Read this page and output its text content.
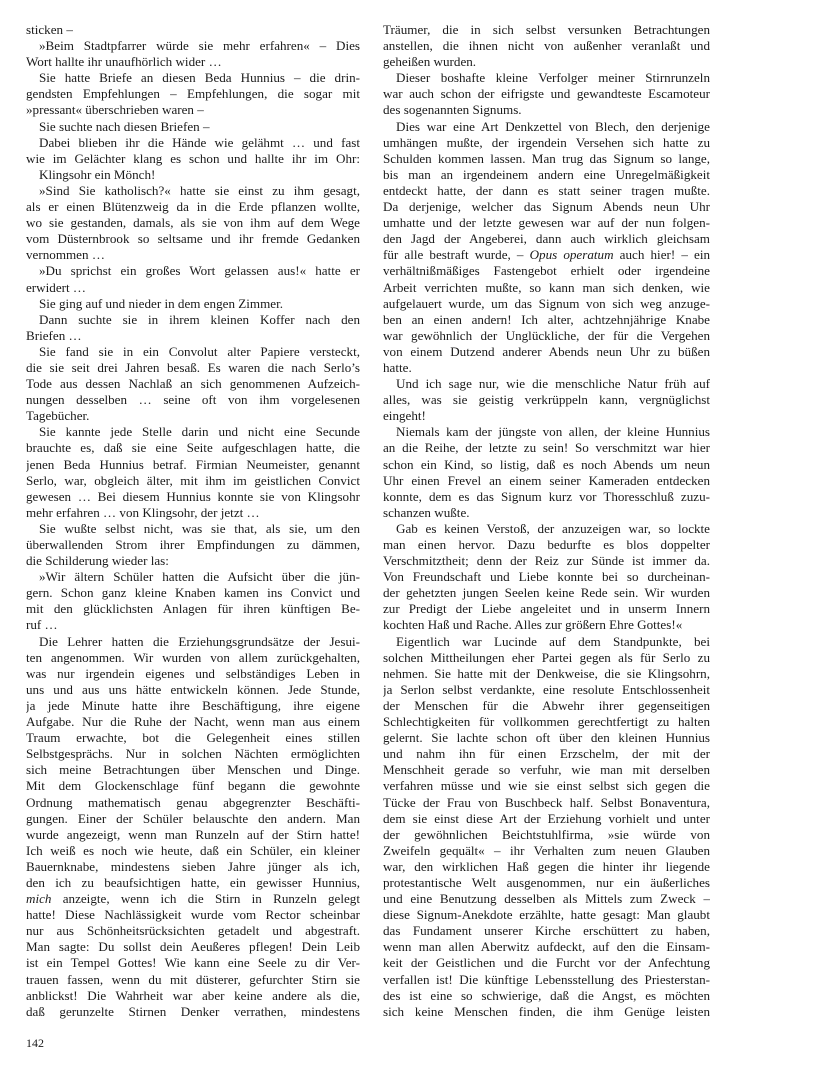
sticken –
»Beim Stadtpfarrer würde sie mehr erfahren« – Dies
Wort hallte ihr unaufhörlich wider …
Sie hatte Briefe an diesen Beda Hunnius – die drin-
gendsten Empfehlungen – Empfehlungen, die sogar mit
»pressant« überschrieben waren –
Sie suchte nach diesen Briefen –
Dabei blieben ihr die Hände wie gelähmt … und fast
wie im Gelächter klang es schon und hallte ihr im Ohr:
Klingsohr ein Mönch!
»Sind Sie katholisch?« hatte sie einst zu ihm gesagt,
als er einen Blütenzweig da in die Erde pflanzen wollte,
wo sie gestanden, damals, als sie von ihm auf dem Wege
vom Düsternbrook so seltsame und ihr fremde Gedanken
vernommen …
»Du sprichst ein großes Wort gelassen aus!« hatte er
erwidert …
Sie ging auf und nieder in dem engen Zimmer.
Dann suchte sie in ihrem kleinen Koffer nach den
Briefen …
Sie fand sie in ein Convolut alter Papiere versteckt,
die sie seit drei Jahren besaß. Es waren die nach Serlo’s
Tode aus dessen Nachlaß an sich genommenen Aufzeich-
nungen desselben … seine oft von ihm vorgelesenen
Tagebücher.
Sie kannte jede Stelle darin und nicht eine Secunde
brauchte es, daß sie eine Seite aufgeschlagen hatte, die
jenen Beda Hunnius betraf. Firmian Neumeister, genannt
Serlo, war, obgleich älter, mit ihm im geistlichen Convict
gewesen … Bei diesem Hunnius konnte sie von Klingsohr
mehr erfahren … von Klingsohr, der jetzt …
Sie wußte selbst nicht, was sie that, als sie, um den
überwallenden Strom ihrer Empfindungen zu dämmen,
die Schilderung wieder las:
»Wir ältern Schüler hatten die Aufsicht über die jün-
gern. Schon ganz kleine Knaben kamen ins Convict und
mit den glücklichsten Anlagen für ihren künftigen Be-
ruf …
Die Lehrer hatten die Erziehungsgrundsätze der Jesui-
ten angenommen. Wir wurden von allem zurückgehalten,
was nur irgendein eigenes und selbständiges Leben in
uns und aus uns hätte entwickeln können. Jede Stunde,
ja jede Minute hatte ihre Beschäftigung, ihre eigene
Aufgabe. Nur die Ruhe der Nacht, wenn man aus einem
Traum erwachte, bot die Gelegenheit eines stillen
Selbstgesprächs. Nur in solchen Nächten ermöglichten
sich meine Betrachtungen über Menschen und Dinge.
Mit dem Glockenschlage fünf begann die gewohnte
Ordnung mathematisch genau abgegrenzter Beschäfti-
gungen. Einer der Schüler belauschte den andern. Man
wurde angezeigt, wenn man Runzeln auf der Stirn hatte!
Ich weiß es noch wie heute, daß ein Schüler, ein kleiner
Bauernknabe, mindestens sieben Jahre jünger als ich,
den ich zu beaufsichtigen hatte, ein gewisser Hunnius,
mich anzeigte, wenn ich die Stirn in Runzeln gelegt
hatte! Diese Nachlässigkeit wurde vom Rector scheinbar
nur aus Schönheitsrücksichten getadelt und abgestraft.
Man sagte: Du sollst dein Aeußeres pflegen! Dein Leib
ist ein Tempel Gottes! Wie kann eine Seele zu dir Ver-
trauen fassen, wenn du mit düsterer, gefurchter Stirn sie
anblickst! Die Wahrheit war aber keine andere als die,
daß gerunzelte Stirnen Denker verrathen, mindestens
Träumer, die in sich selbst versunken Betrachtungen
anstellen, die ihnen nicht von außenher veranlaßt und
geheißen wurden.
Dieser boshafte kleine Verfolger meiner Stirnrunzeln
war auch schon der eifrigste und gewandteste Escamoteur
des sogenannten Signums.
Dies war eine Art Denkzettel von Blech, den derjenige
umhängen mußte, der irgendein Versehen sich hatte zu
Schulden kommen lassen. Man trug das Signum so lange,
bis man an irgendeinem andern eine Unregelmäßigkeit
entdeckt hatte, der dann es statt seiner tragen mußte.
Da derjenige, welcher das Signum Abends neun Uhr
umhatte und der letzte gewesen war auf der nun folgen-
den Jagd der Angeberei, dann auch wirklich gleichsam
für alle bestraft wurde, – Opus operatum auch hier! – ein
verhältnißmäßiges Fastengebot erhielt oder irgendeine
Arbeit verrichten mußte, so kann man sich denken, wie
aufgelauert wurde, um das Signum von sich weg anzuge-
ben an einen andern! Ich alter, achtzehnjährige Knabe
war gewöhnlich der Unglückliche, der für die Vergehen
von einem Dutzend anderer Abends neun Uhr zu büßen
hatte.
Und ich sage nur, wie die menschliche Natur früh auf
alles, was sie geistig verkrüppeln kann, vergnüglichst
eingeht!
Niemals kam der jüngste von allen, der kleine Hunnius
an die Reihe, der letzte zu sein! So verschmitzt war hier
schon ein Kind, so listig, daß es noch Abends um neun
Uhr einen Frevel an einem seiner Kameraden entdecken
konnte, dem es das Signum kurz vor Thoresschluß zuzu-
schanzen wußte.
Gab es keinen Verstoß, der anzuzeigen war, so lockte
man einen hervor. Dazu bedurfte es blos doppelter
Verschmitztheit; denn der Reiz zur Sünde ist immer da.
Von Freundschaft und Liebe konnte bei so durcheinan-
der gehetzten jungen Seelen keine Rede sein. Wir wurden
zur Predigt der Liebe angeleitet und in unserm Innern
kochten Haß und Rache. Alles zur größern Ehre Gottes!«
Eigentlich war Lucinde auf dem Standpunkte, bei
solchen Mittheilungen eher Partei gegen als für Serlo zu
nehmen. Sie hatte mit der Denkweise, die sie Klingsohrn,
ja Serlon selbst verdankte, eine resolute Entschlossenheit
der Menschen für die Abwehr ihrer gegenseitigen
Schlechtigkeiten für vollkommen gerechtfertigt zu halten
gelernt. Sie lachte schon oft über den kleinen Hunnius
und nahm ihn für einen Erzschelm, der mit der
Menschheit gerade so verfuhr, wie man mit derselben
verfahren müsse und wie sie einst selbst sich gegen die
Tücke der Frau von Buschbeck half. Selbst Bonaventura,
dem sie einst diese Art der Erziehung vorhielt und unter
der gewöhnlichen Beichtstuhlfirma, »sie würde von
Zweifeln gequält« – ihr Verhalten zum neuen Glauben
war, den wirklichen Haß gegen die hinter ihr liegende
protestantische Welt ausgenommen, nur ein äußerliches
und eine Benutzung desselben als Mittels zum Zweck –
diese Signum-Anekdote erzählte, hatte gesagt: Man glaubt
das Fundament unserer Kirche erschüttert zu haben,
wenn man allen Aberwitz aufdeckt, auf den die Einsam-
keit der Geistlichen und die Furcht vor der Anfechtung
verfallen ist! Die künftige Lebensstellung des Priesterstan-
des ist eine so schwierige, daß die Angst, es möchten
sich keine Menschen finden, die ihm Genüge leisten
142
